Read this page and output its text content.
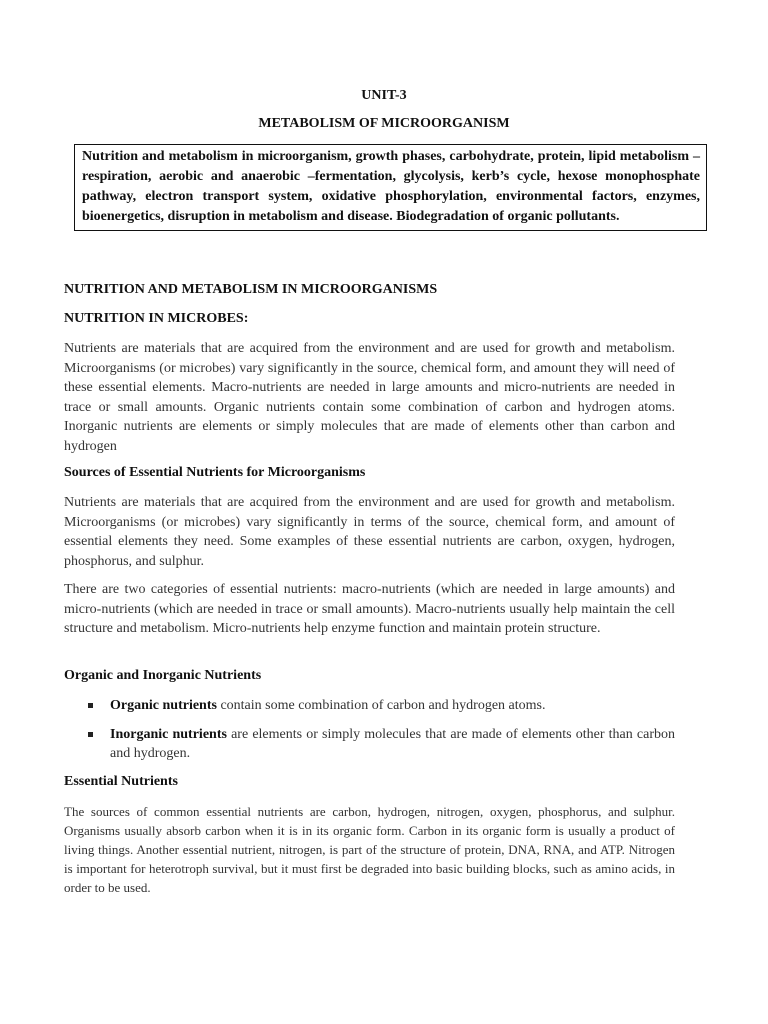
UNIT-3
METABOLISM OF MICROORGANISM

Nutrition and metabolism in microorganism, growth phases, carbohydrate, protein, lipid metabolism – respiration, aerobic and anaerobic –fermentation, glycolysis, kerb’s cycle, hexose monophosphate pathway, electron transport system, oxidative phosphorylation, environmental factors, enzymes, bioenergetics, disruption in metabolism and disease. Biodegradation of organic pollutants.

NUTRITION AND METABOLISM IN MICROORGANISMS
NUTRITION IN MICROBES:

Nutrients are materials that are acquired from the environment and are used for growth and metabolism. Microorganisms (or microbes) vary significantly in the source, chemical form, and amount they will need of these essential elements. Macro-nutrients are needed in large amounts and micro-nutrients are needed in trace or small amounts. Organic nutrients contain some combination of carbon and hydrogen atoms. Inorganic nutrients are elements or simply molecules that are made of elements other than carbon and hydrogen

Sources of Essential Nutrients for Microorganisms

Nutrients are materials that are acquired from the environment and are used for growth and metabolism. Microorganisms (or microbes) vary significantly in terms of the source, chemical form, and amount of essential elements they need. Some examples of these essential nutrients are carbon, oxygen, hydrogen, phosphorus, and sulphur.

There are two categories of essential nutrients: macro-nutrients (which are needed in large amounts) and micro-nutrients (which are needed in trace or small amounts). Macro-nutrients usually help maintain the cell structure and metabolism. Micro-nutrients help enzyme function and maintain protein structure.

Organic and Inorganic Nutrients
Organic nutrients contain some combination of carbon and hydrogen atoms.
Inorganic nutrients are elements or simply molecules that are made of elements other than carbon and hydrogen.
Essential Nutrients

The sources of common essential nutrients are carbon, hydrogen, nitrogen, oxygen, phosphorus, and sulphur. Organisms usually absorb carbon when it is in its organic form. Carbon in its organic form is usually a product of living things. Another essential nutrient, nitrogen, is part of the structure of protein, DNA, RNA, and ATP. Nitrogen is important for heterotroph survival, but it must first be degraded into basic building blocks, such as amino acids, in order to be used.
